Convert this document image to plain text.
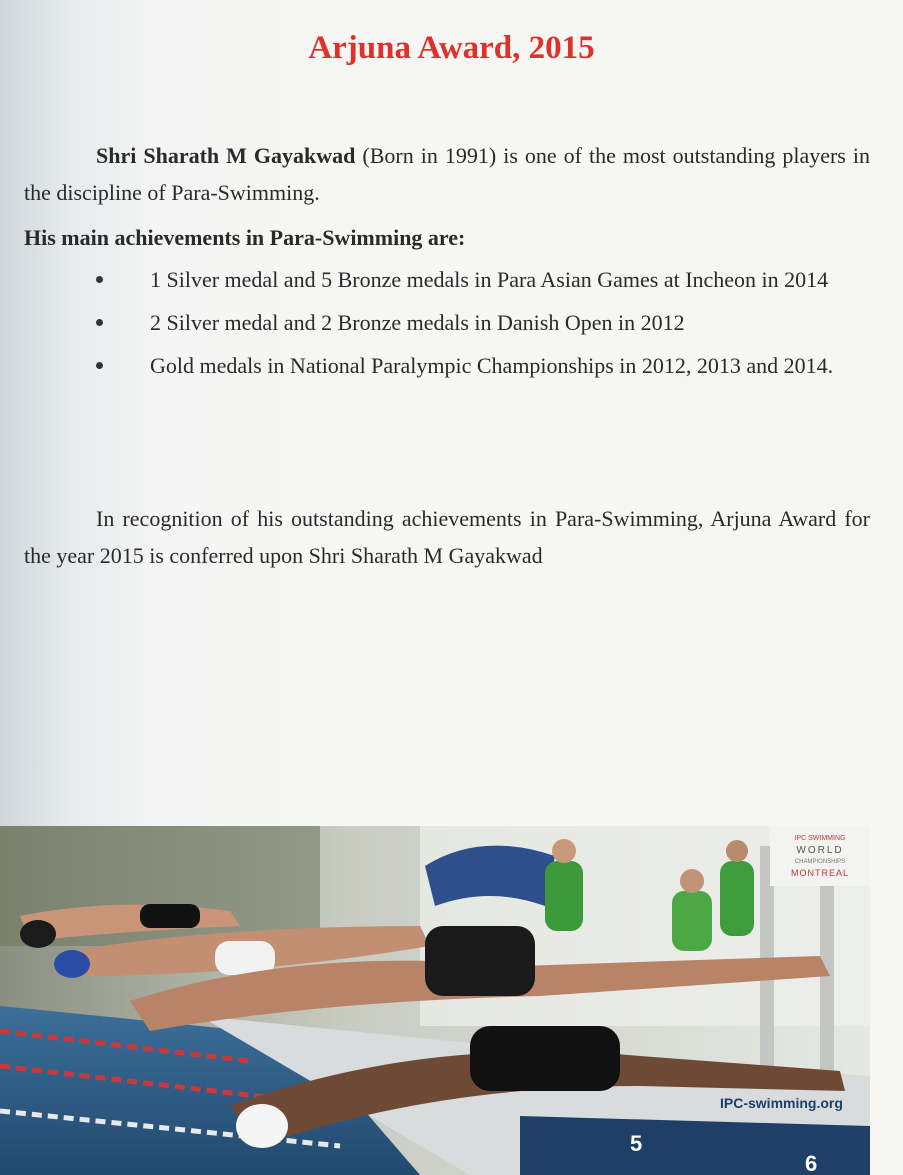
Arjuna Award, 2015

Shri Sharath M Gayakwad (Born in 1991) is one of the most outstanding players in the discipline of Para-Swimming.

His main achievements in Para-Swimming are:

1 Silver medal and 5 Bronze medals in Para Asian Games at Incheon in 2014
2 Silver medal and 2 Bronze medals in Danish Open in 2012
Gold medals in National Paralympic Championships in 2012, 2013 and 2014.

In recognition of his outstanding achievements in Para-Swimming, Arjuna Award for the year 2015 is conferred upon Shri Sharath M Gayakwad

IPC SWIMMING
WORLD
CHAMPIONSHIPS
MONTREAL
IPC-swimming.org
5
6
